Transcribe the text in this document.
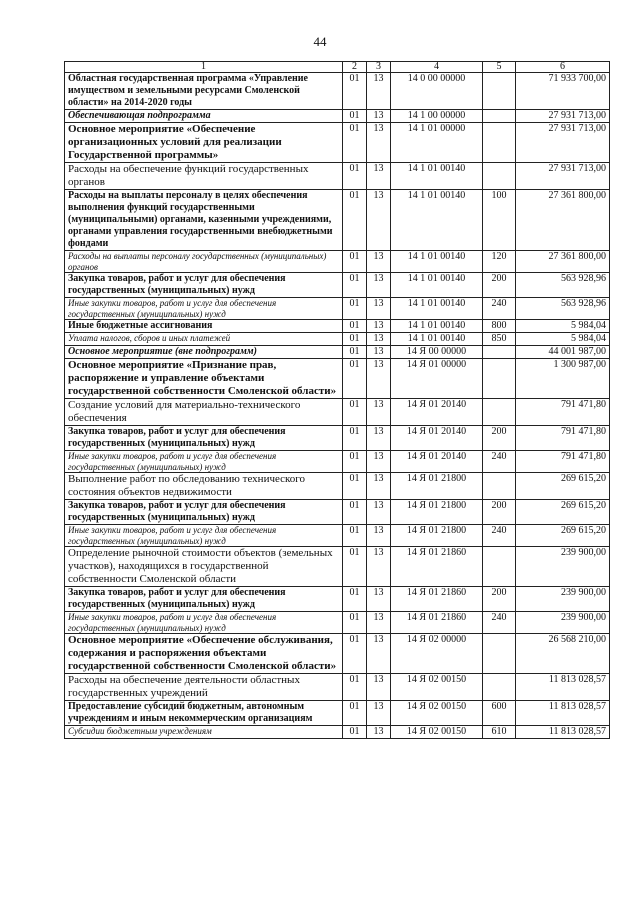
44
1	2	3	4	5	6
Областная государственная программа «Управление имуществом и земельными ресурсами Смоленской области» на 2014-2020 годы	01	13	14 0 00 00000		71 933 700,00
Обеспечивающая подпрограмма	01	13	14 1 00 00000		27 931 713,00
Основное мероприятие «Обеспечение организационных условий для реализации Государственной программы»	01	13	14 1 01 00000		27 931 713,00
Расходы на обеспечение функций государственных органов	01	13	14 1 01 00140		27 931 713,00
Расходы на выплаты персоналу в целях обеспечения выполнения функций государственными (муниципальными) органами, казенными учреждениями, органами управления государственными внебюджетными фондами	01	13	14 1 01 00140	100	27 361 800,00
Расходы на выплаты персоналу государственных (муниципальных) органов	01	13	14 1 01 00140	120	27 361 800,00
Закупка товаров, работ и услуг для обеспечения государственных (муниципальных) нужд	01	13	14 1 01 00140	200	563 928,96
Иные закупки товаров, работ и услуг для обеспечения государственных (муниципальных) нужд	01	13	14 1 01 00140	240	563 928,96
Иные бюджетные ассигнования	01	13	14 1 01 00140	800	5 984,04
Уплата налогов, сборов и иных платежей	01	13	14 1 01 00140	850	5 984,04
Основное мероприятие (вне подпрограмм)	01	13	14 Я 00 00000		44 001 987,00
Основное мероприятие «Признание прав, распоряжение и управление объектами государственной собственности Смоленской области»	01	13	14 Я 01 00000		1 300 987,00
Создание условий для материально-технического обеспечения	01	13	14 Я 01 20140		791 471,80
Закупка товаров, работ и услуг для обеспечения государственных (муниципальных) нужд	01	13	14 Я 01 20140	200	791 471,80
Иные закупки товаров, работ и услуг для обеспечения государственных (муниципальных) нужд	01	13	14 Я 01 20140	240	791 471,80
Выполнение работ по обследованию технического состояния объектов недвижимости	01	13	14 Я 01 21800		269 615,20
Закупка товаров, работ и услуг для обеспечения государственных (муниципальных) нужд	01	13	14 Я 01 21800	200	269 615,20
Иные закупки товаров, работ и услуг для обеспечения государственных (муниципальных) нужд	01	13	14 Я 01 21800	240	269 615,20
Определение рыночной стоимости объектов (земельных участков), находящихся в государственной собственности Смоленской области	01	13	14 Я 01 21860		239 900,00
Закупка товаров, работ и услуг для обеспечения государственных (муниципальных) нужд	01	13	14 Я 01 21860	200	239 900,00
Иные закупки товаров, работ и услуг для обеспечения государственных (муниципальных) нужд	01	13	14 Я 01 21860	240	239 900,00
Основное мероприятие «Обеспечение обслуживания, содержания и распоряжения объектами государственной собственности Смоленской области»	01	13	14 Я 02 00000		26 568 210,00
Расходы на обеспечение деятельности областных государственных учреждений	01	13	14 Я 02 00150		11 813 028,57
Предоставление субсидий бюджетным, автономным учреждениям и иным некоммерческим организациям	01	13	14 Я 02 00150	600	11 813 028,57
Субсидии бюджетным учреждениям	01	13	14 Я 02 00150	610	11 813 028,57
